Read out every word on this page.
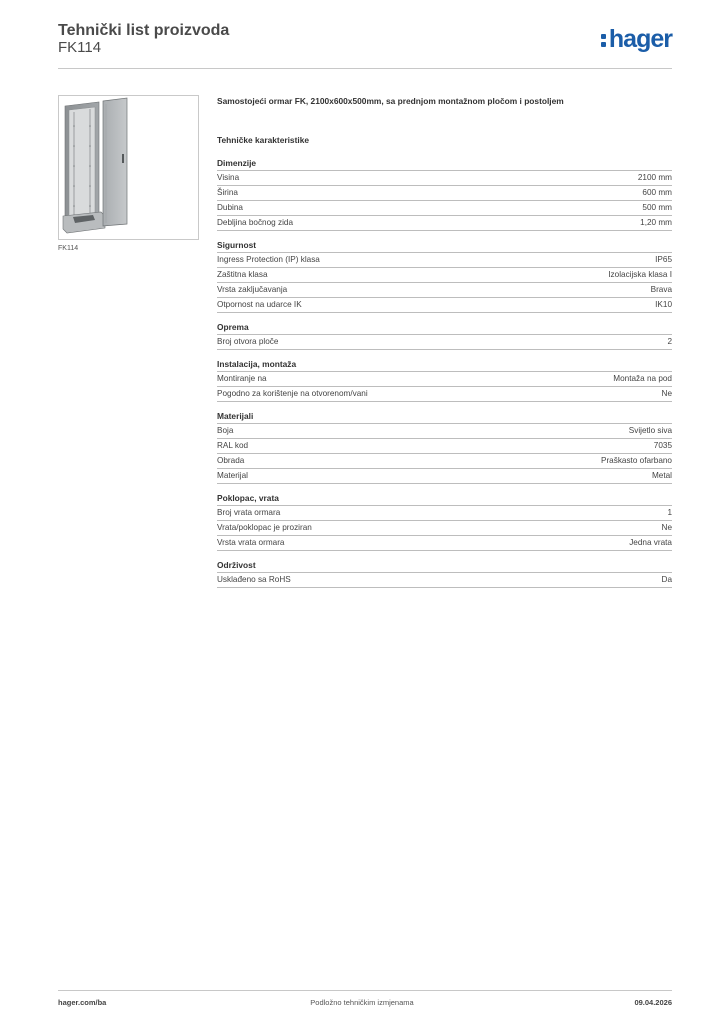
Tehnički list proizvoda
FK114	hager
FK114
Samostojeći ormar FK, 2100x600x500mm, sa prednjom montažnom pločom i postoljem
Tehničke karakteristike
Dimenzije
Visina	2100 mm
Širina	600 mm
Dubina	500 mm
Debljina bočnog zida	1,20 mm
Sigurnost
Ingress Protection (IP) klasa	IP65
Zaštitna klasa	Izolacijska klasa I
Vrsta zaključavanja	Brava
Otpornost na udarce IK	IK10
Oprema
Broj otvora ploče	2
Instalacija, montaža
Montiranje na	Montaža na pod
Pogodno za korištenje na otvorenom/vani	Ne
Materijali
Boja	Svijetlo siva
RAL kod	7035
Obrada	Praškasto ofarbano
Materijal	Metal
Poklopac, vrata
Broj vrata ormara	1
Vrata/poklopac je proziran	Ne
Vrsta vrata ormara	Jedna vrata
Održivost
Usklađeno sa RoHS	Da
hager.com/ba	Podložno tehničkim izmjenama	09.04.2026
